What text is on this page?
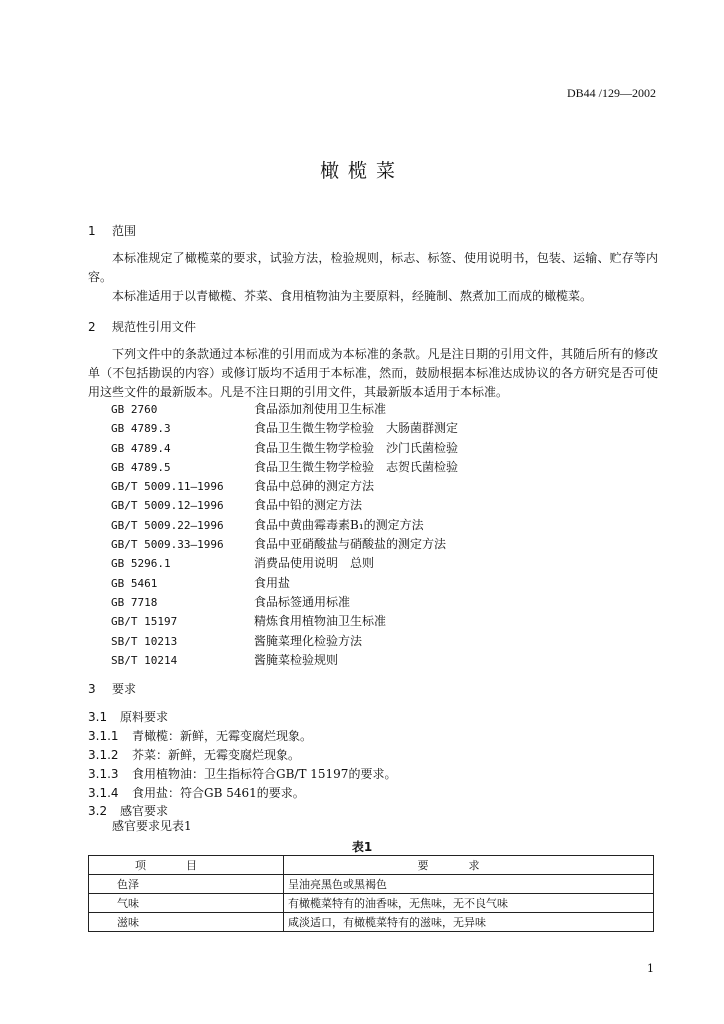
DB44 /129—2002
橄榄菜
1 范围
本标准规定了橄榄菜的要求，试验方法，检验规则，标志、标签、使用说明书，包装、运输、贮存等内容。
本标准适用于以青橄榄、芥菜、食用植物油为主要原料，经腌制、熬煮加工而成的橄榄菜。
2 规范性引用文件
下列文件中的条款通过本标准的引用而成为本标准的条款。凡是注日期的引用文件，其随后所有的修改单（不包括勘误的内容）或修订版均不适用于本标准，然而，鼓励根据本标准达成协议的各方研究是否可使用这些文件的最新版本。凡是不注日期的引用文件，其最新版本适用于本标准。
GB 2760	食品添加剂使用卫生标准
GB 4789.3	食品卫生微生物学检验　大肠菌群测定
GB 4789.4	食品卫生微生物学检验　沙门氏菌检验
GB 4789.5	食品卫生微生物学检验　志贺氏菌检验
GB/T 5009.11—1996	食品中总砷的测定方法
GB/T 5009.12—1996	食品中铅的测定方法
GB/T 5009.22—1996	食品中黄曲霉毒素B₁的测定方法
GB/T 5009.33—1996	食品中亚硝酸盐与硝酸盐的测定方法
GB 5296.1	消费品使用说明　总则
GB 5461	食用盐
GB 7718	食品标签通用标准
GB/T 15197	精炼食用植物油卫生标准
SB/T 10213	酱腌菜理化检验方法
SB/T 10214	酱腌菜检验规则
3 要求
3.1 原料要求
3.1.1 青橄榄：新鲜，无霉变腐烂现象。
3.1.2 芥菜：新鲜，无霉变腐烂现象。
3.1.3 食用植物油：卫生指标符合GB/T 15197的要求。
3.1.4 食用盐：符合GB 5461的要求。
3.2 感官要求
感官要求见表1
表1
项目	要求
色泽	呈油亮黑色或黑褐色
气味	有橄榄菜特有的油香味，无焦味，无不良气味
滋味	咸淡适口，有橄榄菜特有的滋味，无异味
1
